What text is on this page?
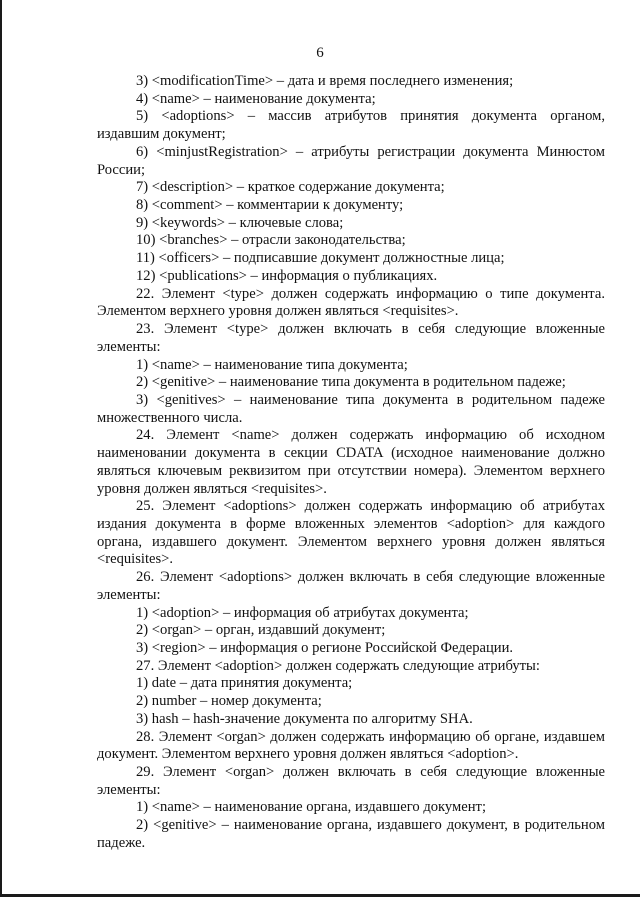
6
3) <modificationTime> – дата и время последнего изменения;
4) <name> – наименование документа;
5) <adoptions> – массив атрибутов принятия документа органом,
издавшим документ;
6) <minjustRegistration> – атрибуты регистрации документа Минюстом
России;
7) <description> – краткое содержание документа;
8) <comment> – комментарии к документу;
9) <keywords> – ключевые слова;
10) <branches> – отрасли законодательства;
11) <officers> – подписавшие документ должностные лица;
12) <publications> – информация о публикациях.
22. Элемент <type> должен содержать информацию о типе документа.
Элементом верхнего уровня должен являться <requisites>.
23. Элемент <type> должен включать в себя следующие вложенные
элементы:
1) <name> – наименование типа документа;
2) <genitive> – наименование типа документа в родительном падеже;
3) <genitives> – наименование типа документа в родительном падеже
множественного числа.
24. Элемент <name> должен содержать информацию об исходном
наименовании документа в секции CDATA (исходное наименование должно
являться ключевым реквизитом при отсутствии номера). Элементом верхнего
уровня должен являться <requisites>.
25. Элемент <adoptions> должен содержать информацию об атрибутах
издания документа в форме вложенных элементов <adoption> для каждого
органа, издавшего документ. Элементом верхнего уровня должен являться
<requisites>.
26. Элемент <adoptions> должен включать в себя следующие вложенные
элементы:
1) <adoption> – информация об атрибутах документа;
2) <organ> – орган, издавший документ;
3) <region> – информация о регионе Российской Федерации.
27. Элемент <adoption> должен содержать следующие атрибуты:
1) date – дата принятия документа;
2) number – номер документа;
3) hash – hash-значение документа по алгоритму SHA.
28. Элемент <organ> должен содержать информацию об органе, издавшем
документ. Элементом верхнего уровня должен являться <adoption>.
29. Элемент <organ> должен включать в себя следующие вложенные
элементы:
1) <name> – наименование органа, издавшего документ;
2) <genitive> – наименование органа, издавшего документ, в родительном
падеже.
